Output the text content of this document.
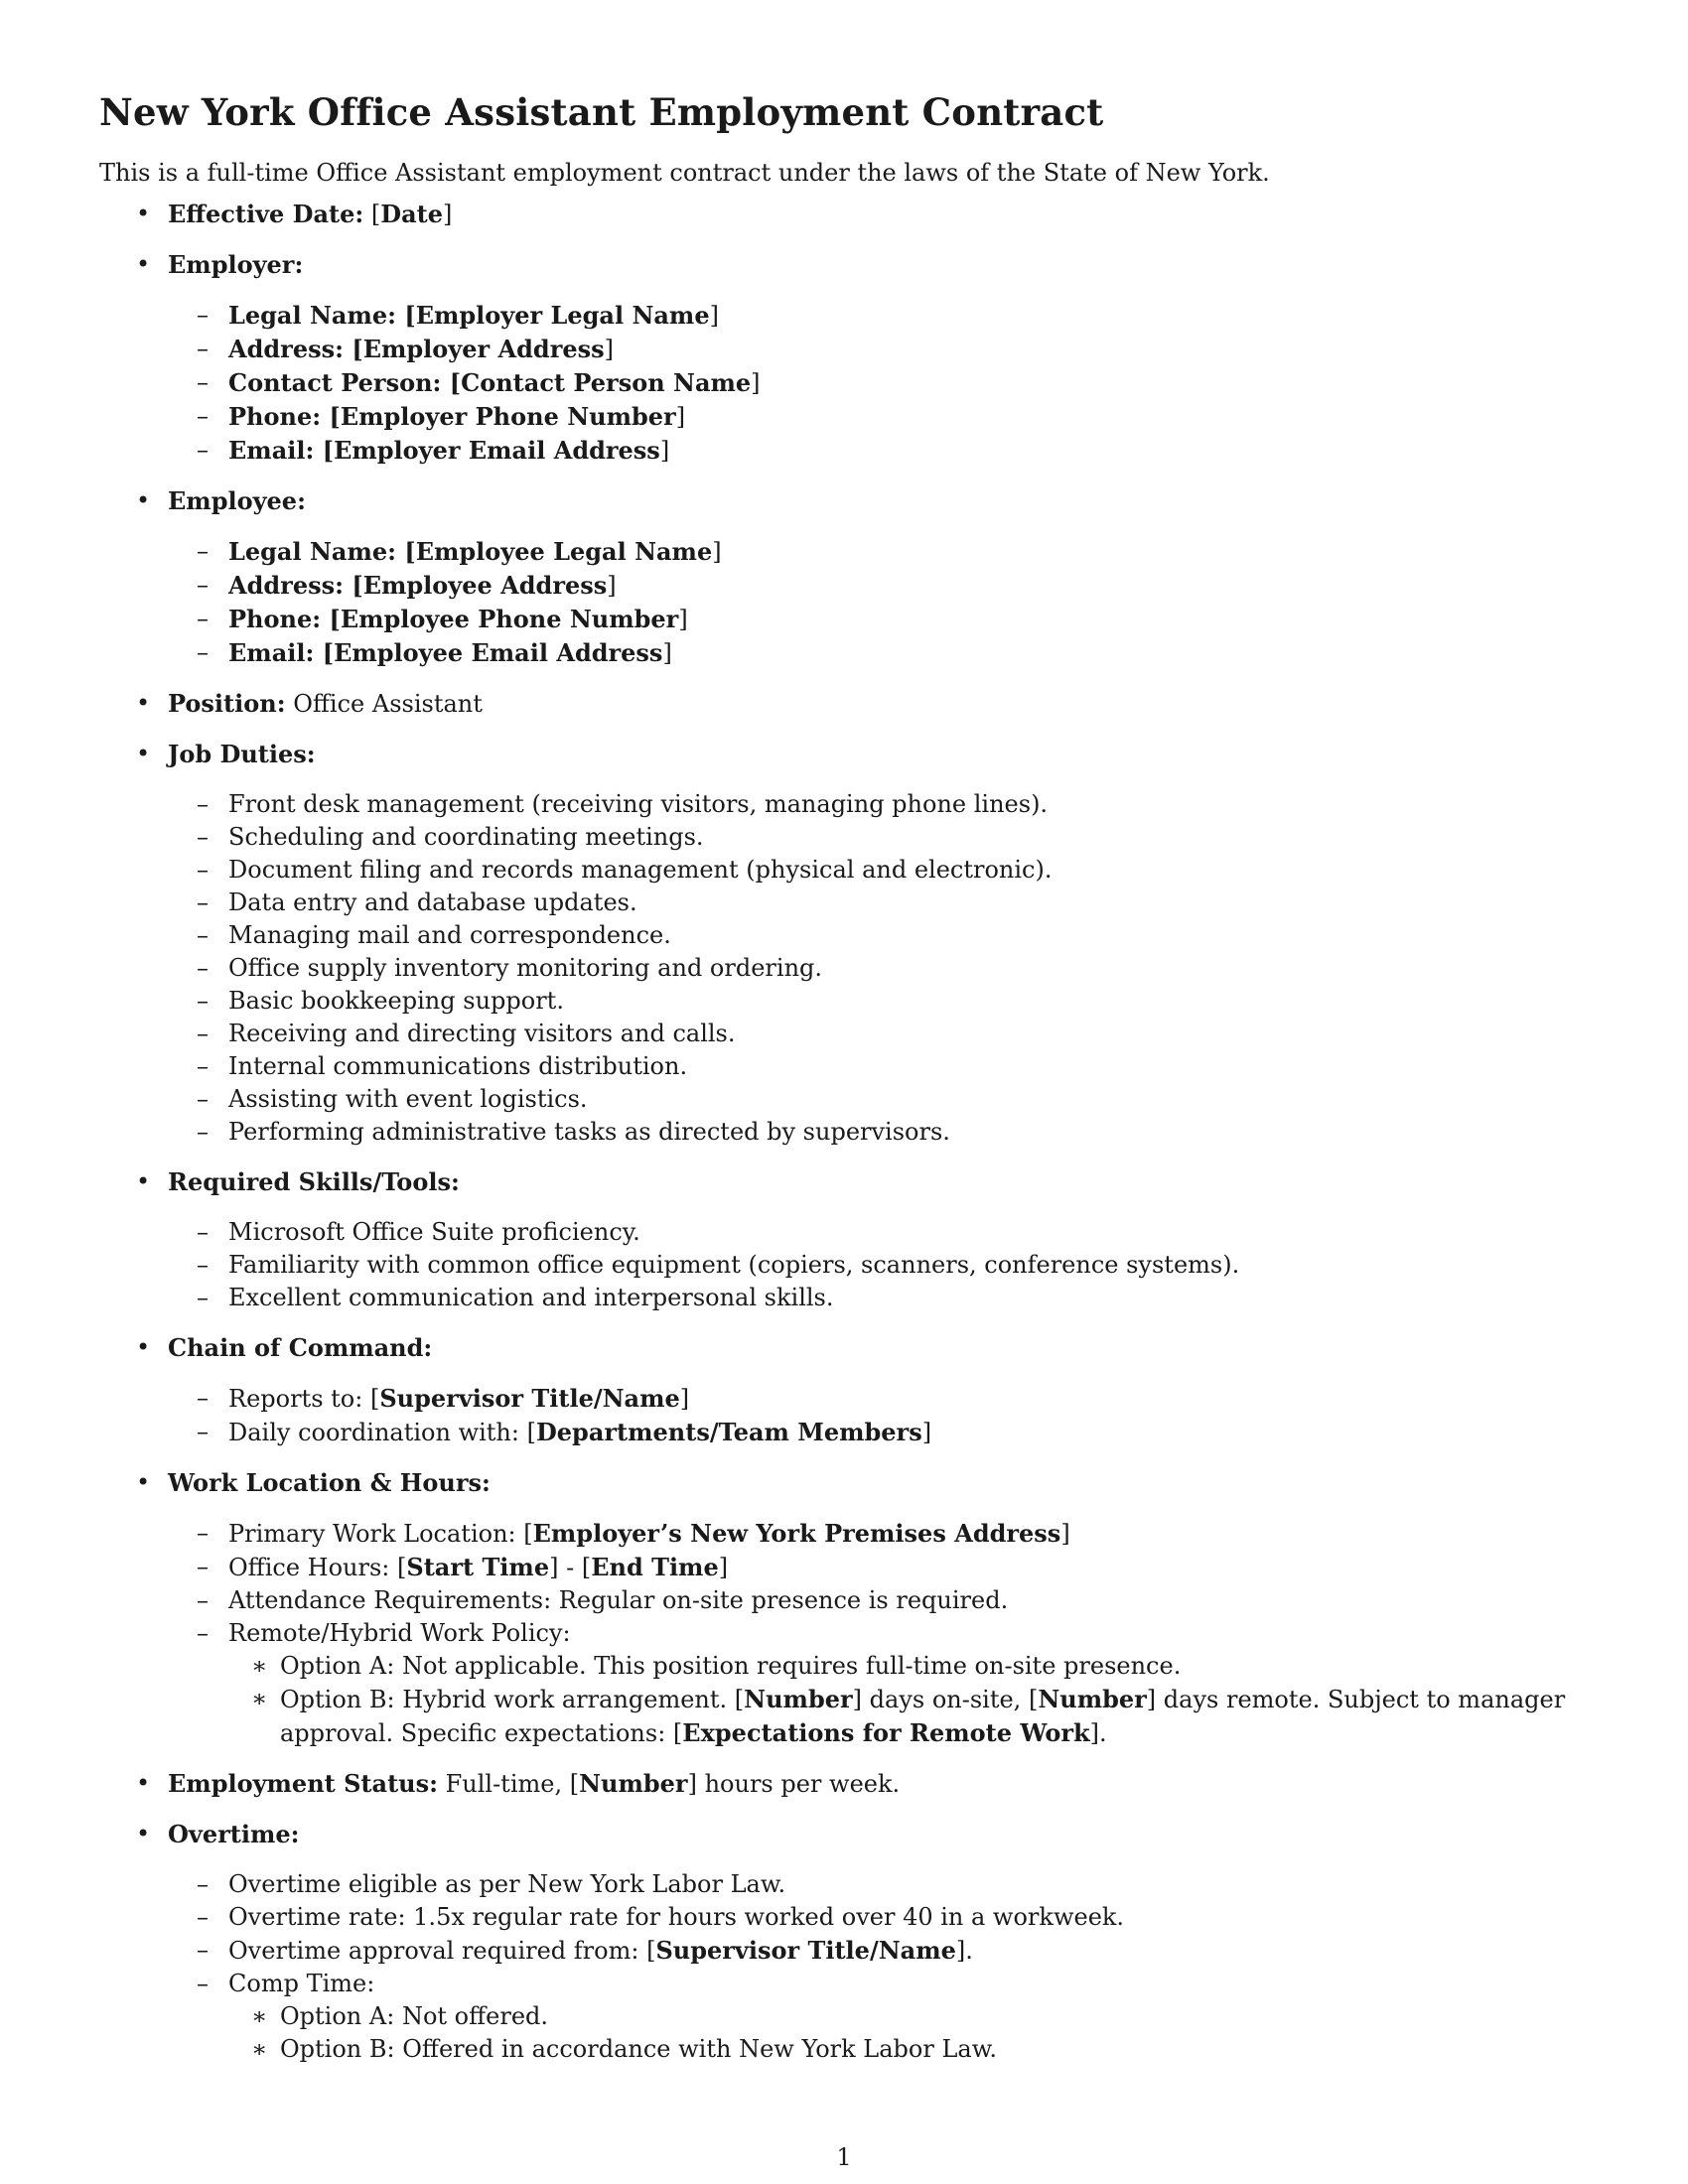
New York Office Assistant Employment Contract

This is a full-time Office Assistant employment contract under the laws of the State of New York.

• Effective Date: [Date]
• Employer:
– Legal Name: [Employer Legal Name]
– Address: [Employer Address]
– Contact Person: [Contact Person Name]
– Phone: [Employer Phone Number]
– Email: [Employer Email Address]
• Employee:
– Legal Name: [Employee Legal Name]
– Address: [Employee Address]
– Phone: [Employee Phone Number]
– Email: [Employee Email Address]
• Position: Office Assistant
• Job Duties:
– Front desk management (receiving visitors, managing phone lines).
– Scheduling and coordinating meetings.
– Document filing and records management (physical and electronic).
– Data entry and database updates.
– Managing mail and correspondence.
– Office supply inventory monitoring and ordering.
– Basic bookkeeping support.
– Receiving and directing visitors and calls.
– Internal communications distribution.
– Assisting with event logistics.
– Performing administrative tasks as directed by supervisors.
• Required Skills/Tools:
– Microsoft Office Suite proficiency.
– Familiarity with common office equipment (copiers, scanners, conference systems).
– Excellent communication and interpersonal skills.
• Chain of Command:
– Reports to: [Supervisor Title/Name]
– Daily coordination with: [Departments/Team Members]
• Work Location & Hours:
– Primary Work Location: [Employer’s New York Premises Address]
– Office Hours: [Start Time] - [End Time]
– Attendance Requirements: Regular on-site presence is required.
– Remote/Hybrid Work Policy:
∗ Option A: Not applicable. This position requires full-time on-site presence.
∗ Option B: Hybrid work arrangement. [Number] days on-site, [Number] days remote. Subject to manager approval. Specific expectations: [Expectations for Remote Work].
• Employment Status: Full-time, [Number] hours per week.
• Overtime:
– Overtime eligible as per New York Labor Law.
– Overtime rate: 1.5x regular rate for hours worked over 40 in a workweek.
– Overtime approval required from: [Supervisor Title/Name].
– Comp Time:
∗ Option A: Not offered.
∗ Option B: Offered in accordance with New York Labor Law.
1
